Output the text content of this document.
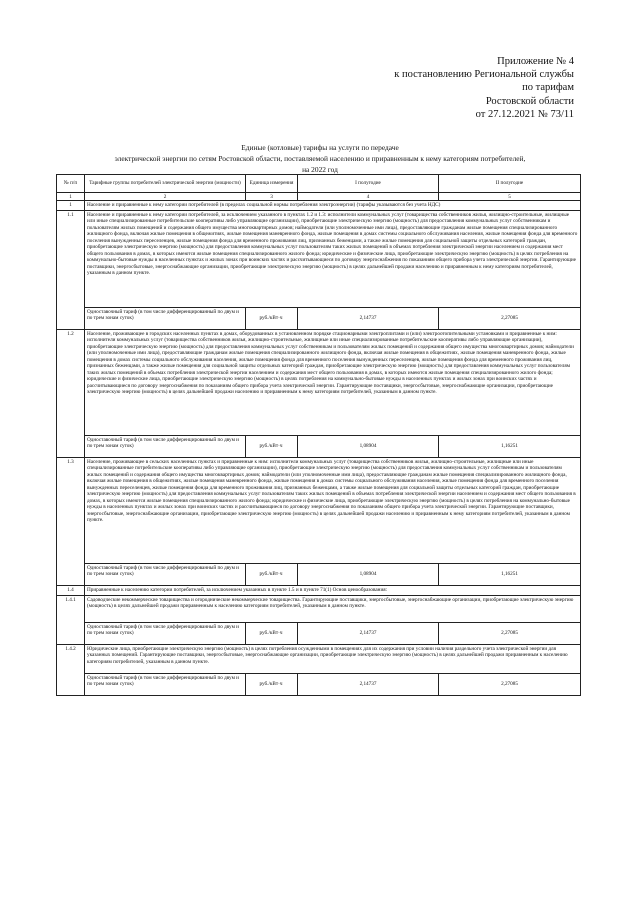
Приложение № 4
к постановлению Региональной службы
по тарифам
Ростовской области
от 27.12.2021 № 73/11
Единые (котловые) тарифы на услуги по передаче
электрической энергии по сетям Ростовской области, поставляемой населению и приравненным к нему категориям потребителей,
на 2022 год
№ п/п	Тарифные группы потребителей электрической энергии (мощности)	Единица измерения	I полугодие	II полугодие
1	2	3	4	5
1	Население и приравненные к нему категории потребителей (в пределах социальной нормы потребления электроэнергии) (тарифы указываются без учета НДС)			
1.1	Население и приравненные к нему категории потребителей, за исключением указанного в пунктах 1.2 и 1.3: исполнители коммунальных услуг (товарищества собственников жилья, жилищно-строительные, жилищные или иные специализированные потребительские кооперативы либо управляющие организации), приобретающие электрическую энергию (мощность) для предоставления коммунальных услуг собственникам и пользователям жилых помещений и содержания общего имущества многоквартирных домов; наймодатели (или уполномоченные ими лица), предоставляющие гражданам жилые помещения специализированного жилищного фонда, включая жилые помещения в общежитиях, жилые помещения маневренного фонда, жилые помещения в домах системы социального обслуживания населения, жилые помещения фонда для временного поселения вынужденных переселенцев, жилые помещения фонда для временного проживания лиц, признанных беженцами, а также жилые помещения для социальной защиты отдельных категорий граждан, приобретающие электрическую энергию (мощность) для предоставления коммунальных услуг пользователям таких жилых помещений в объемах потребления электрической энергии населением и содержания мест общего пользования в домах, в которых имеются жилые помещения специализированного жилого фонда; юридические и физические лица, приобретающие электрическую энергию (мощность) в целях потребления на коммунально-бытовые нужды в населенных пунктах и жилых зонах при воинских частях и рассчитывающиеся по договору энергоснабжения по показаниям общего прибора учета электрической энергии. Гарантирующие поставщики, энергосбытовые, энергоснабжающие организации, приобретающие электрическую энергию (мощность) в целях дальнейшей продажи населению и приравненным к нему категориям потребителей, указанным в данном пункте.			
	Одноставочный тариф (в том числе дифференцированный по двум и по трем зонам суток)	руб./кВт·ч	2,14737	2,27085
1.2	Население, проживающее в городских населенных пунктах в домах, оборудованных в установленном порядке стационарными электроплитами и (или) электроотопительными установками и приравненные к ним: исполнители коммунальных услуг (товарищества собственников жилья, жилищно-строительные, жилищные или иные специализированные потребительские кооперативы либо управляющие организации), приобретающие электрическую энергию (мощность) для предоставления коммунальных услуг собственникам и пользователям жилых помещений и содержания общего имущества многоквартирных домов; наймодатели (или уполномоченные ими лица), предоставляющие гражданам жилые помещения специализированного жилищного фонда, включая жилые помещения в общежитиях, жилые помещения маневренного фонда, жилые помещения в домах системы социального обслуживания населения, жилые помещения фонда для временного поселения вынужденных переселенцев, жилые помещения фонда для временного проживания лиц, признанных беженцами, а также жилые помещения для социальной защиты отдельных категорий граждан, приобретающие электрическую энергию (мощность) для предоставления коммунальных услуг пользователям таких жилых помещений в объемах потребления электрической энергии населением и содержания мест общего пользования в домах, в которых имеются жилые помещения специализированного жилого фонда; юридические и физические лица, приобретающие электрическую энергию (мощность) в целях потребления на коммунально-бытовые нужды в населенных пунктах и жилых зонах при воинских частях и рассчитывающиеся по договору энергоснабжения по показаниям общего прибора учета электрической энергии. Гарантирующие поставщики, энергосбытовые, энергоснабжающие организации, приобретающие электрическую энергию (мощность) в целях дальнейшей продажи населению и приравненным к нему категориям потребителей, указанным в данном пункте.			
	Одноставочный тариф (в том числе дифференцированный по двум и по трем зонам суток)	руб./кВт·ч	1,08904	1,16251
1.3	Население, проживающее в сельских населенных пунктах и приравненные к ним: исполнители коммунальных услуг (товарищества собственников жилья, жилищно-строительные, жилищные или иные специализированные потребительские кооперативы либо управляющие организации), приобретающие электрическую энергию (мощность) для предоставления коммунальных услуг собственникам и пользователям жилых помещений и содержания общего имущества многоквартирных домов; наймодатели (или уполномоченные ими лица), предоставляющие гражданам жилые помещения специализированного жилищного фонда, включая жилые помещения в общежитиях, жилые помещения маневренного фонда, жилые помещения в домах системы социального обслуживания населения, жилые помещения фонда для временного поселения вынужденных переселенцев, жилые помещения фонда для временного проживания лиц, признанных беженцами, а также жилые помещения для социальной защиты отдельных категорий граждан, приобретающие электрическую энергию (мощность) для предоставления коммунальных услуг пользователям таких жилых помещений в объемах потребления электрической энергии населением и содержания мест общего пользования в домах, в которых имеются жилые помещения специализированного жилого фонда; юридические и физические лица, приобретающие электрическую энергию (мощность) в целях потребления на коммунально-бытовые нужды в населенных пунктах и жилых зонах при воинских частях и рассчитывающиеся по договору энергоснабжения по показаниям общего прибора учета электрической энергии. Гарантирующие поставщики, энергосбытовые, энергоснабжающие организации, приобретающие электрическую энергию (мощность) в целях дальнейшей продажи населению и приравненным к нему категориям потребителей, указанным в данном пункте.			
	Одноставочный тариф (в том числе дифференцированный по двум и по трем зонам суток)	руб./кВт·ч	1,08904	1,16251
1.4	Приравненные к населению категории потребителей, за исключением указанных в пункте 1.5 и в пункте 71(1) Основ ценообразования:			
1.4.1	Садоводческие некоммерческие товарищества и огороднические некоммерческие товарищества. Гарантирующие поставщики, энергосбытовые, энергоснабжающие организации, приобретающие электрическую энергию (мощность) в целях дальнейшей продажи приравненным к населению категориям потребителей, указанным в данном пункте.			
	Одноставочный тариф (в том числе дифференцированный по двум и по трем зонам суток)	руб./кВт·ч	2,14737	2,27085
1.4.2	Юридические лица, приобретающие электрическую энергию (мощность) в целях потребления осужденными в помещениях для их содержания при условии наличия раздельного учета электрической энергии для указанных помещений. Гарантирующие поставщики, энергосбытовые, энергоснабжающие организации, приобретающие электрическую энергию (мощность) в целях дальнейшей продажи приравненным к населению категориям потребителей, указанным в данном пункте.			
	Одноставочный тариф (в том числе дифференцированный по двум и по трем зонам суток)	руб./кВт·ч	2,14737	2,27085
